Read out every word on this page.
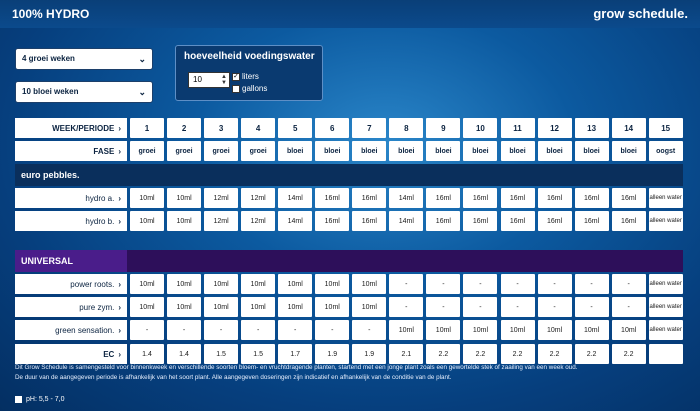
100% HYDRO	grow schedule.
4 groei weken	⌄
10 bloei weken	⌄
hoeveelheid voedingswater
10	▲
▼
✓ liters
gallons
WEEK/PERIODE ›	1	2	3	4	5	6	7	8	9	10	11	12	13	14	15
FASE ›	groei	groei	groei	groei	bloei	bloei	bloei	bloei	bloei	bloei	bloei	bloei	bloei	bloei	oogst
euro pebbles.
hydro a. ›	10ml	10ml	12ml	12ml	14ml	16ml	16ml	14ml	16ml	16ml	16ml	16ml	16ml	16ml	alleen water
hydro b. ›	10ml	10ml	12ml	12ml	14ml	16ml	16ml	14ml	16ml	16ml	16ml	16ml	16ml	16ml	alleen water
UNIVERSAL
power roots. ›	10ml	10ml	10ml	10ml	10ml	10ml	10ml	-	-	-	-	-	-	-	alleen water
pure zym. ›	10ml	10ml	10ml	10ml	10ml	10ml	10ml	-	-	-	-	-	-	-	alleen water
green sensation. ›	-	-	-	-	-	-	-	10ml	10ml	10ml	10ml	10ml	10ml	10ml	alleen water
EC ›	1.4	1.4	1.5	1.5	1.7	1.9	1.9	2.1	2.2	2.2	2.2	2.2	2.2	2.2
Dit Grow Schedule is samengesteld voor binnenkweek en verschillende soorten bloem- en vruchtdragende planten, startend met een jonge plant zoals een gewortelde stek of zaailing van een week oud.
De duur van de aangegeven periode is afhankelijk van het soort plant. Alle aangegeven doseringen zijn indicatief en afhankelijk van de conditie van de plant.
pH: 5,5 - 7,0
